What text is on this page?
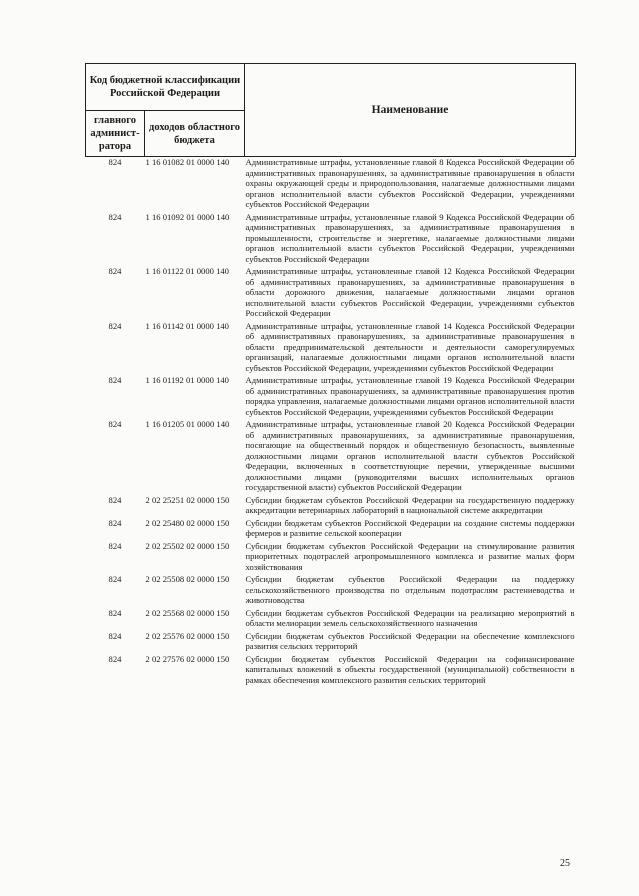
Код бюджетной классификации Российской Федерации		Наименование
главного админист-ратора	доходов областного бюджета	
824	1 16 01082 01 0000 140	Административные штрафы, установленные главой 8 Кодекса Российской Федерации об административных правонарушениях, за административные правонарушения в области охраны окружающей среды и природопользования, налагаемые должностными лицами органов исполнительной власти субъектов Российской Федерации, учреждениями субъектов Российской Федерации
824	1 16 01092 01 0000 140	Административные штрафы, установленные главой 9 Кодекса Российской Федерации об административных правонарушениях, за административные правонарушения в промышленности, строительстве и энергетике, налагаемые должностными лицами органов исполнительной власти субъектов Российской Федерации, учреждениями субъектов Российской Федерации
824	1 16 01122 01 0000 140	Административные штрафы, установленные главой 12 Кодекса Российской Федерации об административных правонарушениях, за административные правонарушения в области дорожного движения, налагаемые должностными лицами органов исполнительной власти субъектов Российской Федерации, учреждениями субъектов Российской Федерации
824	1 16 01142 01 0000 140	Административные штрафы, установленные главой 14 Кодекса Российской Федерации об административных правонарушениях, за административные правонарушения в области предпринимательской деятельности и деятельности саморегулируемых организаций, налагаемые должностными лицами органов исполнительной власти субъектов Российской Федерации, учреждениями субъектов Российской Федерации
824	1 16 01192 01 0000 140	Административные штрафы, установленные главой 19 Кодекса Российской Федерации об административных правонарушениях, за административные правонарушения против порядка управления, налагаемые должностными лицами органов исполнительной власти субъектов Российской Федерации, учреждениями субъектов Российской Федерации
824	1 16 01205 01 0000 140	Административные штрафы, установленные главой 20 Кодекса Российской Федерации об административных правонарушениях, за административные правонарушения, посягающие на общественный порядок и общественную безопасность, выявленные должностными лицами органов исполнительной власти субъектов Российской Федерации, включенных в соответствующие перечни, утвержденные высшими должностными лицами (руководителями высших исполнительных органов государственной власти) субъектов Российской Федерации
824	2 02 25251 02 0000 150	Субсидии бюджетам субъектов Российской Федерации на государственную поддержку аккредитации ветеринарных лабораторий в национальной системе аккредитации
824	2 02 25480 02 0000 150	Субсидии бюджетам субъектов Российской Федерации на создание системы поддержки фермеров и развитие сельской кооперации
824	2 02 25502 02 0000 150	Субсидии бюджетам субъектов Российской Федерации на стимулирование развития приоритетных подотраслей агропромышленного комплекса и развитие малых форм хозяйствования
824	2 02 25508 02 0000 150	Субсидии бюджетам субъектов Российской Федерации на поддержку сельскохозяйственного производства по отдельным подотраслям растениеводства и животноводства
824	2 02 25568 02 0000 150	Субсидии бюджетам субъектов Российской Федерации на реализацию мероприятий в области мелиорации земель сельскохозяйственного назначения
824	2 02 25576 02 0000 150	Субсидии бюджетам субъектов Российской Федерации на обеспечение комплексного развития сельских территорий
824	2 02 27576 02 0000 150	Субсидии бюджетам субъектов Российской Федерации на софинансирование капитальных вложений в объекты государственной (муниципальной) собственности в рамках обеспечения комплексного развития сельских территорий
25
